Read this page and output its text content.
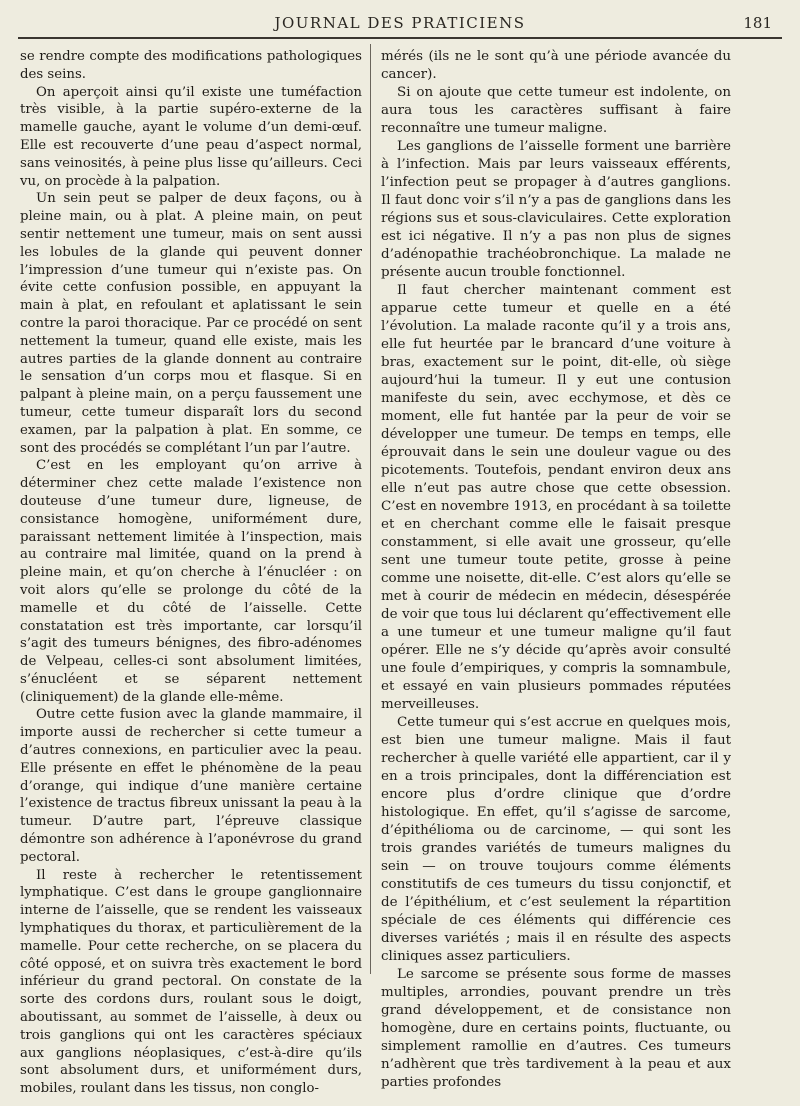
JOURNAL DES PRATICIENS	181

se rendre compte des modifications pathologiques des seins.

On aperçoit ainsi qu’il existe une tuméfaction très visible, à la partie supéro-externe de la mamelle gauche, ayant le volume d’un demi-œuf. Elle est recouverte d’une peau d’aspect normal, sans veinosités, à peine plus lisse qu’ailleurs. Ceci vu, on procède à la palpation.

Un sein peut se palper de deux façons, ou à pleine main, ou à plat. A pleine main, on peut sentir nettement une tumeur, mais on sent aussi les lobules de la glande qui peuvent donner l’impression d’une tumeur qui n’existe pas. On évite cette confusion possible, en appuyant la main à plat, en refoulant et aplatissant le sein contre la paroi thoracique. Par ce procédé on sent nettement la tumeur, quand elle existe, mais les autres parties de la glande donnent au contraire le sensation d’un corps mou et flasque. Si en palpant à pleine main, on a perçu faussement une tumeur, cette tumeur disparaît lors du second examen, par la palpation à plat. En somme, ce sont des procédés se complétant l’un par l’autre.

C’est en les employant qu’on arrive à déterminer chez cette malade l’existence non douteuse d’une tumeur dure, ligneuse, de consistance homogène, uniformément dure, paraissant nettement limitée à l’inspection, mais au contraire mal limitée, quand on la prend à pleine main, et qu’on cherche à l’énucléer : on voit alors qu’elle se prolonge du côté de la mamelle et du côté de l’aisselle. Cette constatation est très importante, car lorsqu’il s’agit des tumeurs bénignes, des fibro-adénomes de Velpeau, celles-ci sont absolument limitées, s’énucléent et se séparent nettement (cliniquement) de la glande elle-même.

Outre cette fusion avec la glande mammaire, il importe aussi de rechercher si cette tumeur a d’autres connexions, en particulier avec la peau. Elle présente en effet le phénomène de la peau d’orange, qui indique d’une manière certaine l’existence de tractus fibreux unissant la peau à la tumeur. D’autre part, l’épreuve classique démontre son adhérence à l’aponévrose du grand pectoral.

Il reste à rechercher le retentissement lymphatique. C’est dans le groupe ganglionnaire interne de l’aisselle, que se rendent les vaisseaux lymphatiques du thorax, et particulièrement de la mamelle. Pour cette recherche, on se placera du côté opposé, et on suivra très exactement le bord inférieur du grand pectoral. On constate de la sorte des cordons durs, roulant sous le doigt, aboutissant, au sommet de l’aisselle, à deux ou trois ganglions qui ont les caractères spéciaux aux ganglions néoplasiques, c’est-à-dire qu’ils sont absolument durs, et uniformément durs, mobiles, roulant dans les tissus, non conglo-

mérés (ils ne le sont qu’à une période avancée du cancer).

Si on ajoute que cette tumeur est indolente, on aura tous les caractères suffisant à faire reconnaître une tumeur maligne.

Les ganglions de l’aisselle forment une barrière à l’infection. Mais par leurs vaisseaux efférents, l’infection peut se propager à d’autres ganglions. Il faut donc voir s’il n’y a pas de ganglions dans les régions sus et sous-claviculaires. Cette exploration est ici négative. Il n’y a pas non plus de signes d’adénopathie trachéobronchique. La malade ne présente aucun trouble fonctionnel.

Il faut chercher maintenant comment est apparue cette tumeur et quelle en a été l’évolution. La malade raconte qu’il y a trois ans, elle fut heurtée par le brancard d’une voiture à bras, exactement sur le point, dit-elle, où siège aujourd’hui la tumeur. Il y eut une contusion manifeste du sein, avec ecchymose, et dès ce moment, elle fut hantée par la peur de voir se développer une tumeur. De temps en temps, elle éprouvait dans le sein une douleur vague ou des picotements. Toutefois, pendant environ deux ans elle n’eut pas autre chose que cette obsession. C’est en novembre 1913, en procédant à sa toilette et en cherchant comme elle le faisait presque constamment, si elle avait une grosseur, qu’elle sent une tumeur toute petite, grosse à peine comme une noisette, dit-elle. C’est alors qu’elle se met à courir de médecin en médecin, désespérée de voir que tous lui déclarent qu’effectivement elle a une tumeur et une tumeur maligne qu’il faut opérer. Elle ne s’y décide qu’après avoir consulté une foule d’empiriques, y compris la somnambule, et essayé en vain plusieurs pommades réputées merveilleuses.

Cette tumeur qui s’est accrue en quelques mois, est bien une tumeur maligne. Mais il faut rechercher à quelle variété elle appartient, car il y en a trois principales, dont la différenciation est encore plus d’ordre clinique que d’ordre histologique. En effet, qu’il s’agisse de sarcome, d’épithélioma ou de carcinome, — qui sont les trois grandes variétés de tumeurs malignes du sein — on trouve toujours comme éléments constitutifs de ces tumeurs du tissu conjonctif, et de l’épithélium, et c’est seulement la répartition spéciale de ces éléments qui différencie ces diverses variétés ; mais il en résulte des aspects cliniques assez particuliers.

Le sarcome se présente sous forme de masses multiples, arrondies, pouvant prendre un très grand développement, et de consistance non homogène, dure en certains points, fluctuante, ou simplement ramollie en d’autres. Ces tumeurs n’adhèrent que très tardivement à la peau et aux parties profondes
